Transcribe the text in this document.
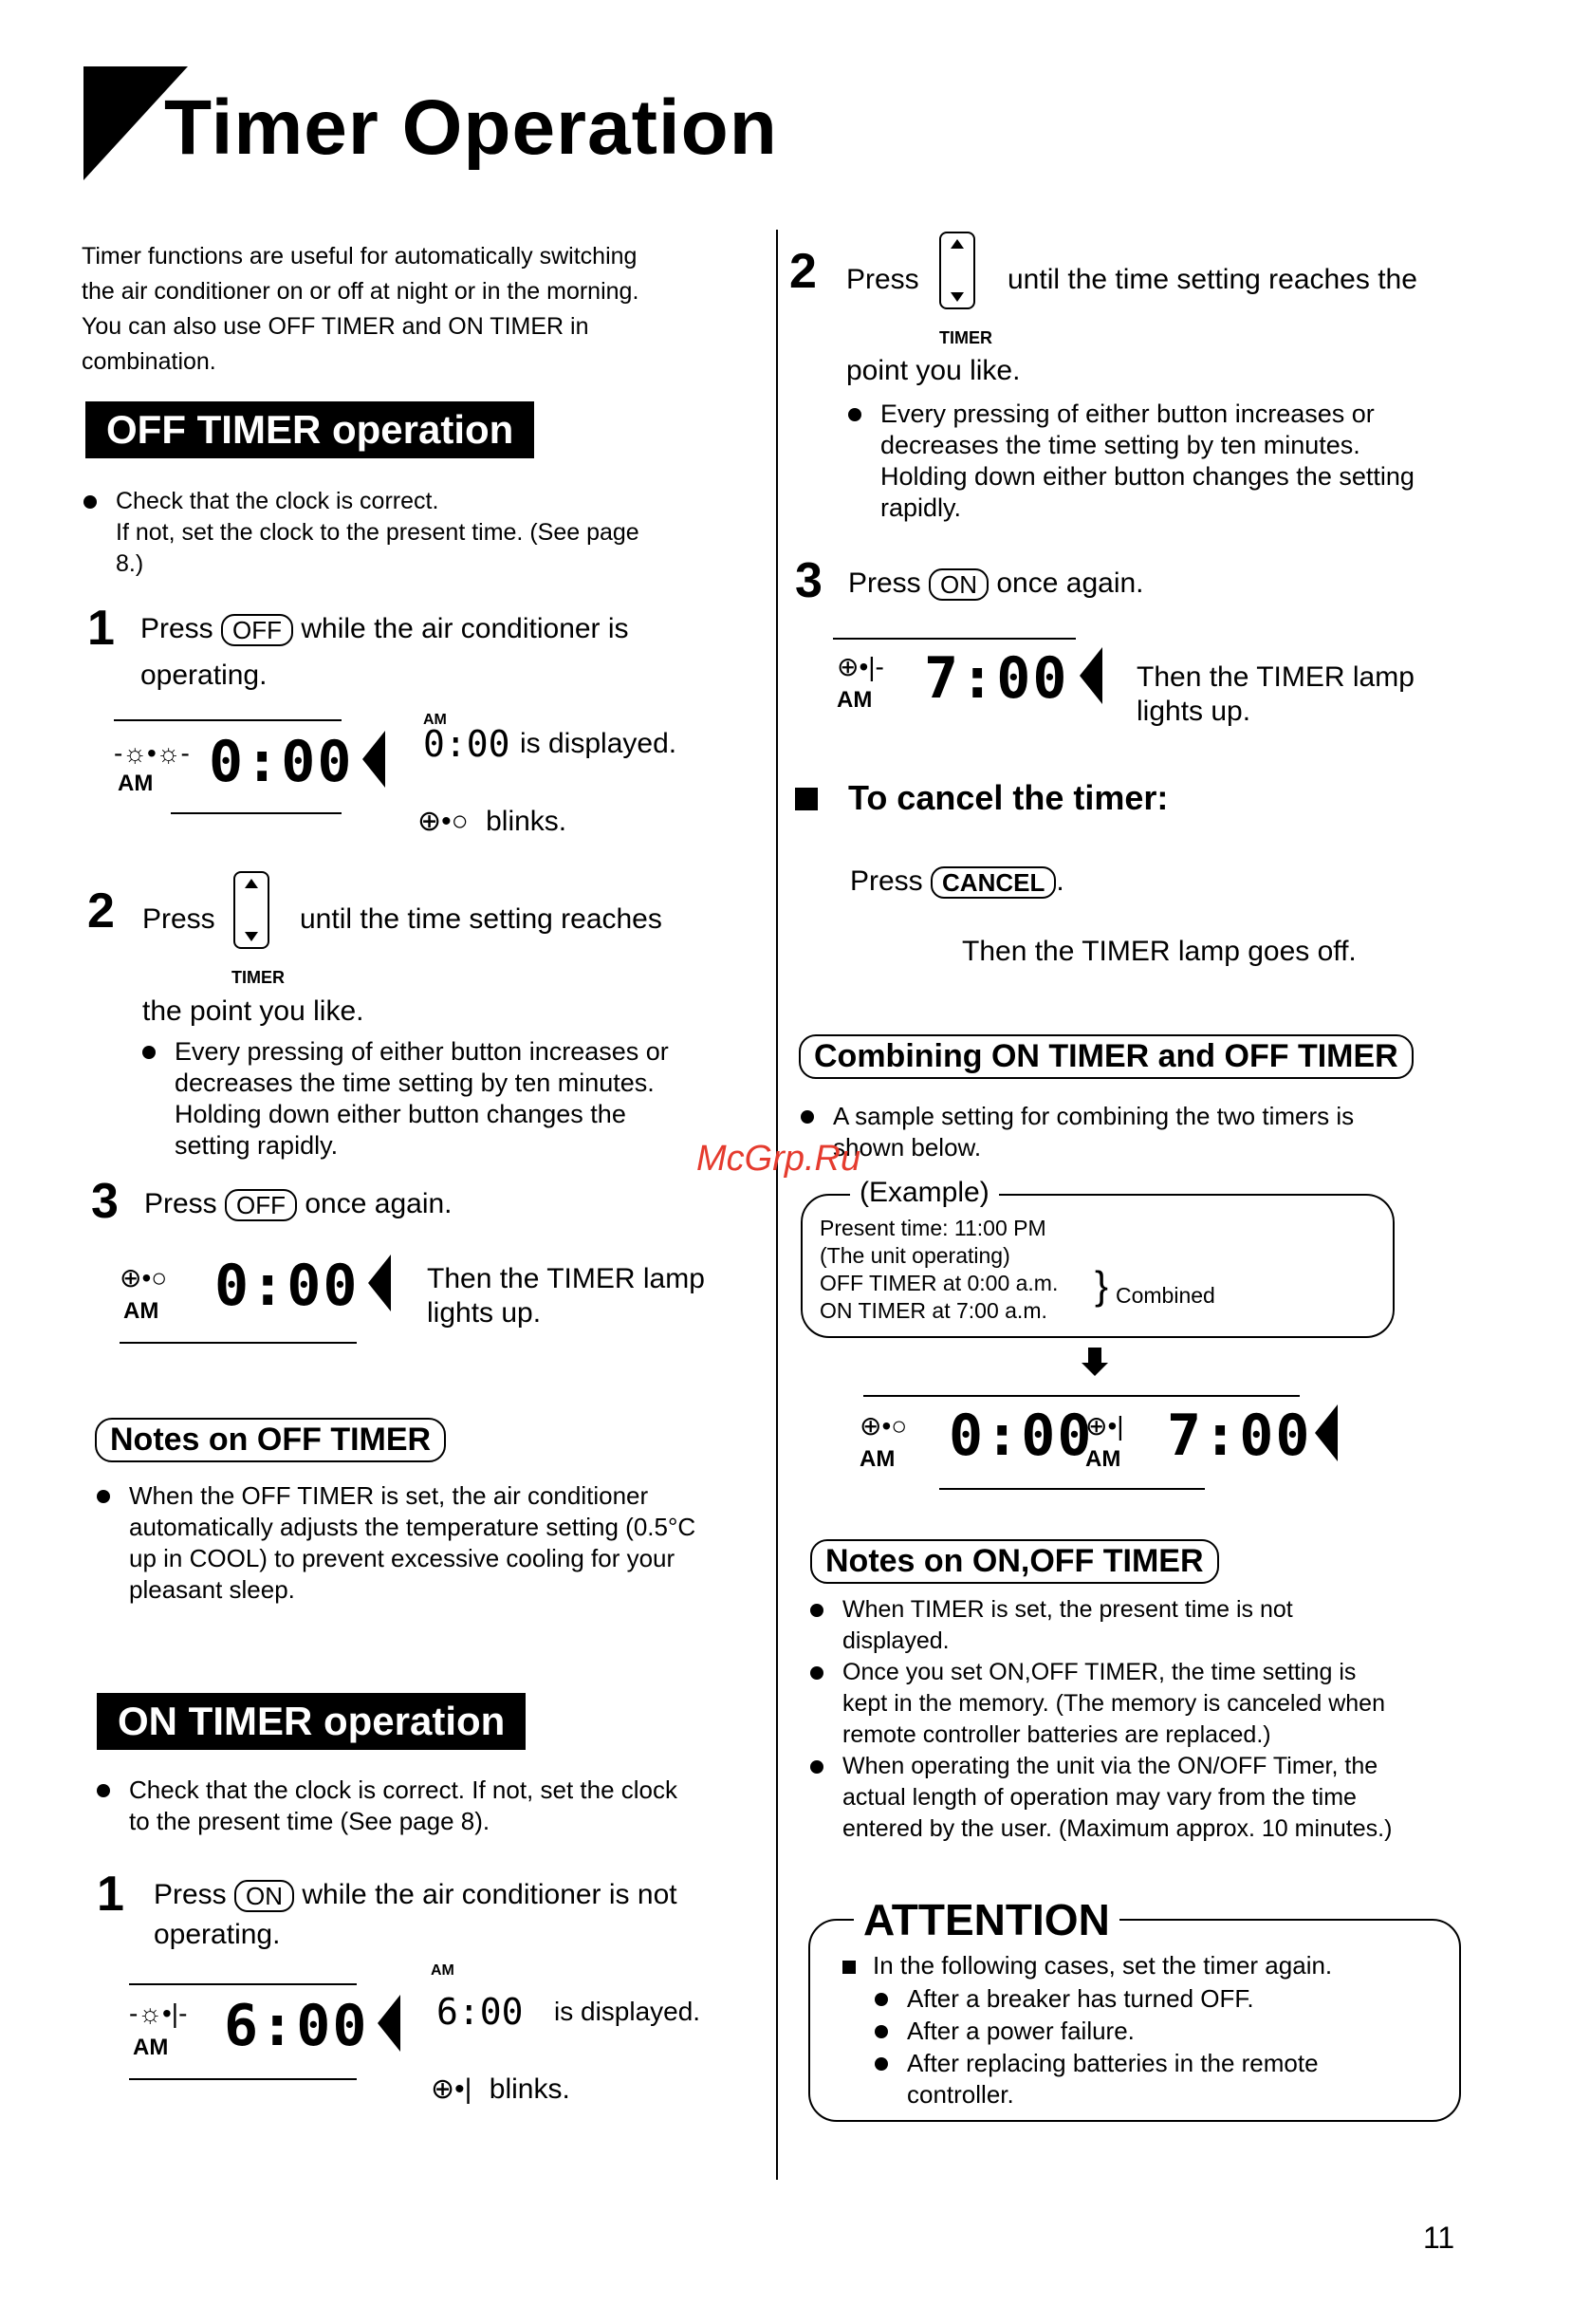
Timer Operation
Timer functions are useful for automatically switching
the air conditioner on or off at night or in the morning.
You can also use OFF TIMER and ON TIMER in
combination.
OFF TIMER operation
Check that the clock is correct.
If not, set the clock to the present time. (See page
8.)
1 Press OFF while the air conditioner is
operating.
-☼•☼-
AM 0:00
AM
0:00 is displayed.
⊕•○ blinks.
2 Press
TIMER
until the time setting reaches
the point you like.
Every pressing of either button increases or
decreases the time setting by ten minutes.
Holding down either button changes the
setting rapidly.
3 Press OFF once again.
⊕•○
AM 0:00 Then the TIMER lamp
lights up.
Notes on OFF TIMER
When the OFF TIMER is set, the air conditioner
automatically adjusts the temperature setting (0.5°C
up in COOL) to prevent excessive cooling for your
pleasant sleep.
ON TIMER operation
Check that the clock is correct. If not, set the clock
to the present time (See page 8).
1 Press ON while the air conditioner is not
operating.
-☼•|-
AM 6:00
AM
6:00 is displayed.
⊕•| blinks.
2 Press
TIMER
until the time setting reaches the
point you like.
Every pressing of either button increases or
decreases the time setting by ten minutes.
Holding down either button changes the setting
rapidly.
3 Press ON once again.
⊕•|-
AM 7:00 Then the TIMER lamp
lights up.
To cancel the timer:
Press CANCEL .
Then the TIMER lamp goes off.
Combining ON TIMER and OFF TIMER
A sample setting for combining the two timers is
shown below.
(Example)
Present time: 11:00 PM
(The unit operating)
OFF TIMER at 0:00 a.m.
ON TIMER at 7:00 a.m.
} Combined
⊕•○
AM 0:00
⊕•|
AM 7:00
Notes on ON,OFF TIMER
When TIMER is set, the present time is not
displayed.
Once you set ON,OFF TIMER, the time setting is
kept in the memory. (The memory is canceled when
remote controller batteries are replaced.)
When operating the unit via the ON/OFF Timer, the
actual length of operation may vary from the time
entered by the user. (Maximum approx. 10 minutes.)
ATTENTION
In the following cases, set the timer again.
After a breaker has turned OFF.
After a power failure.
After replacing batteries in the remote
controller.
McGrp.Ru
11
